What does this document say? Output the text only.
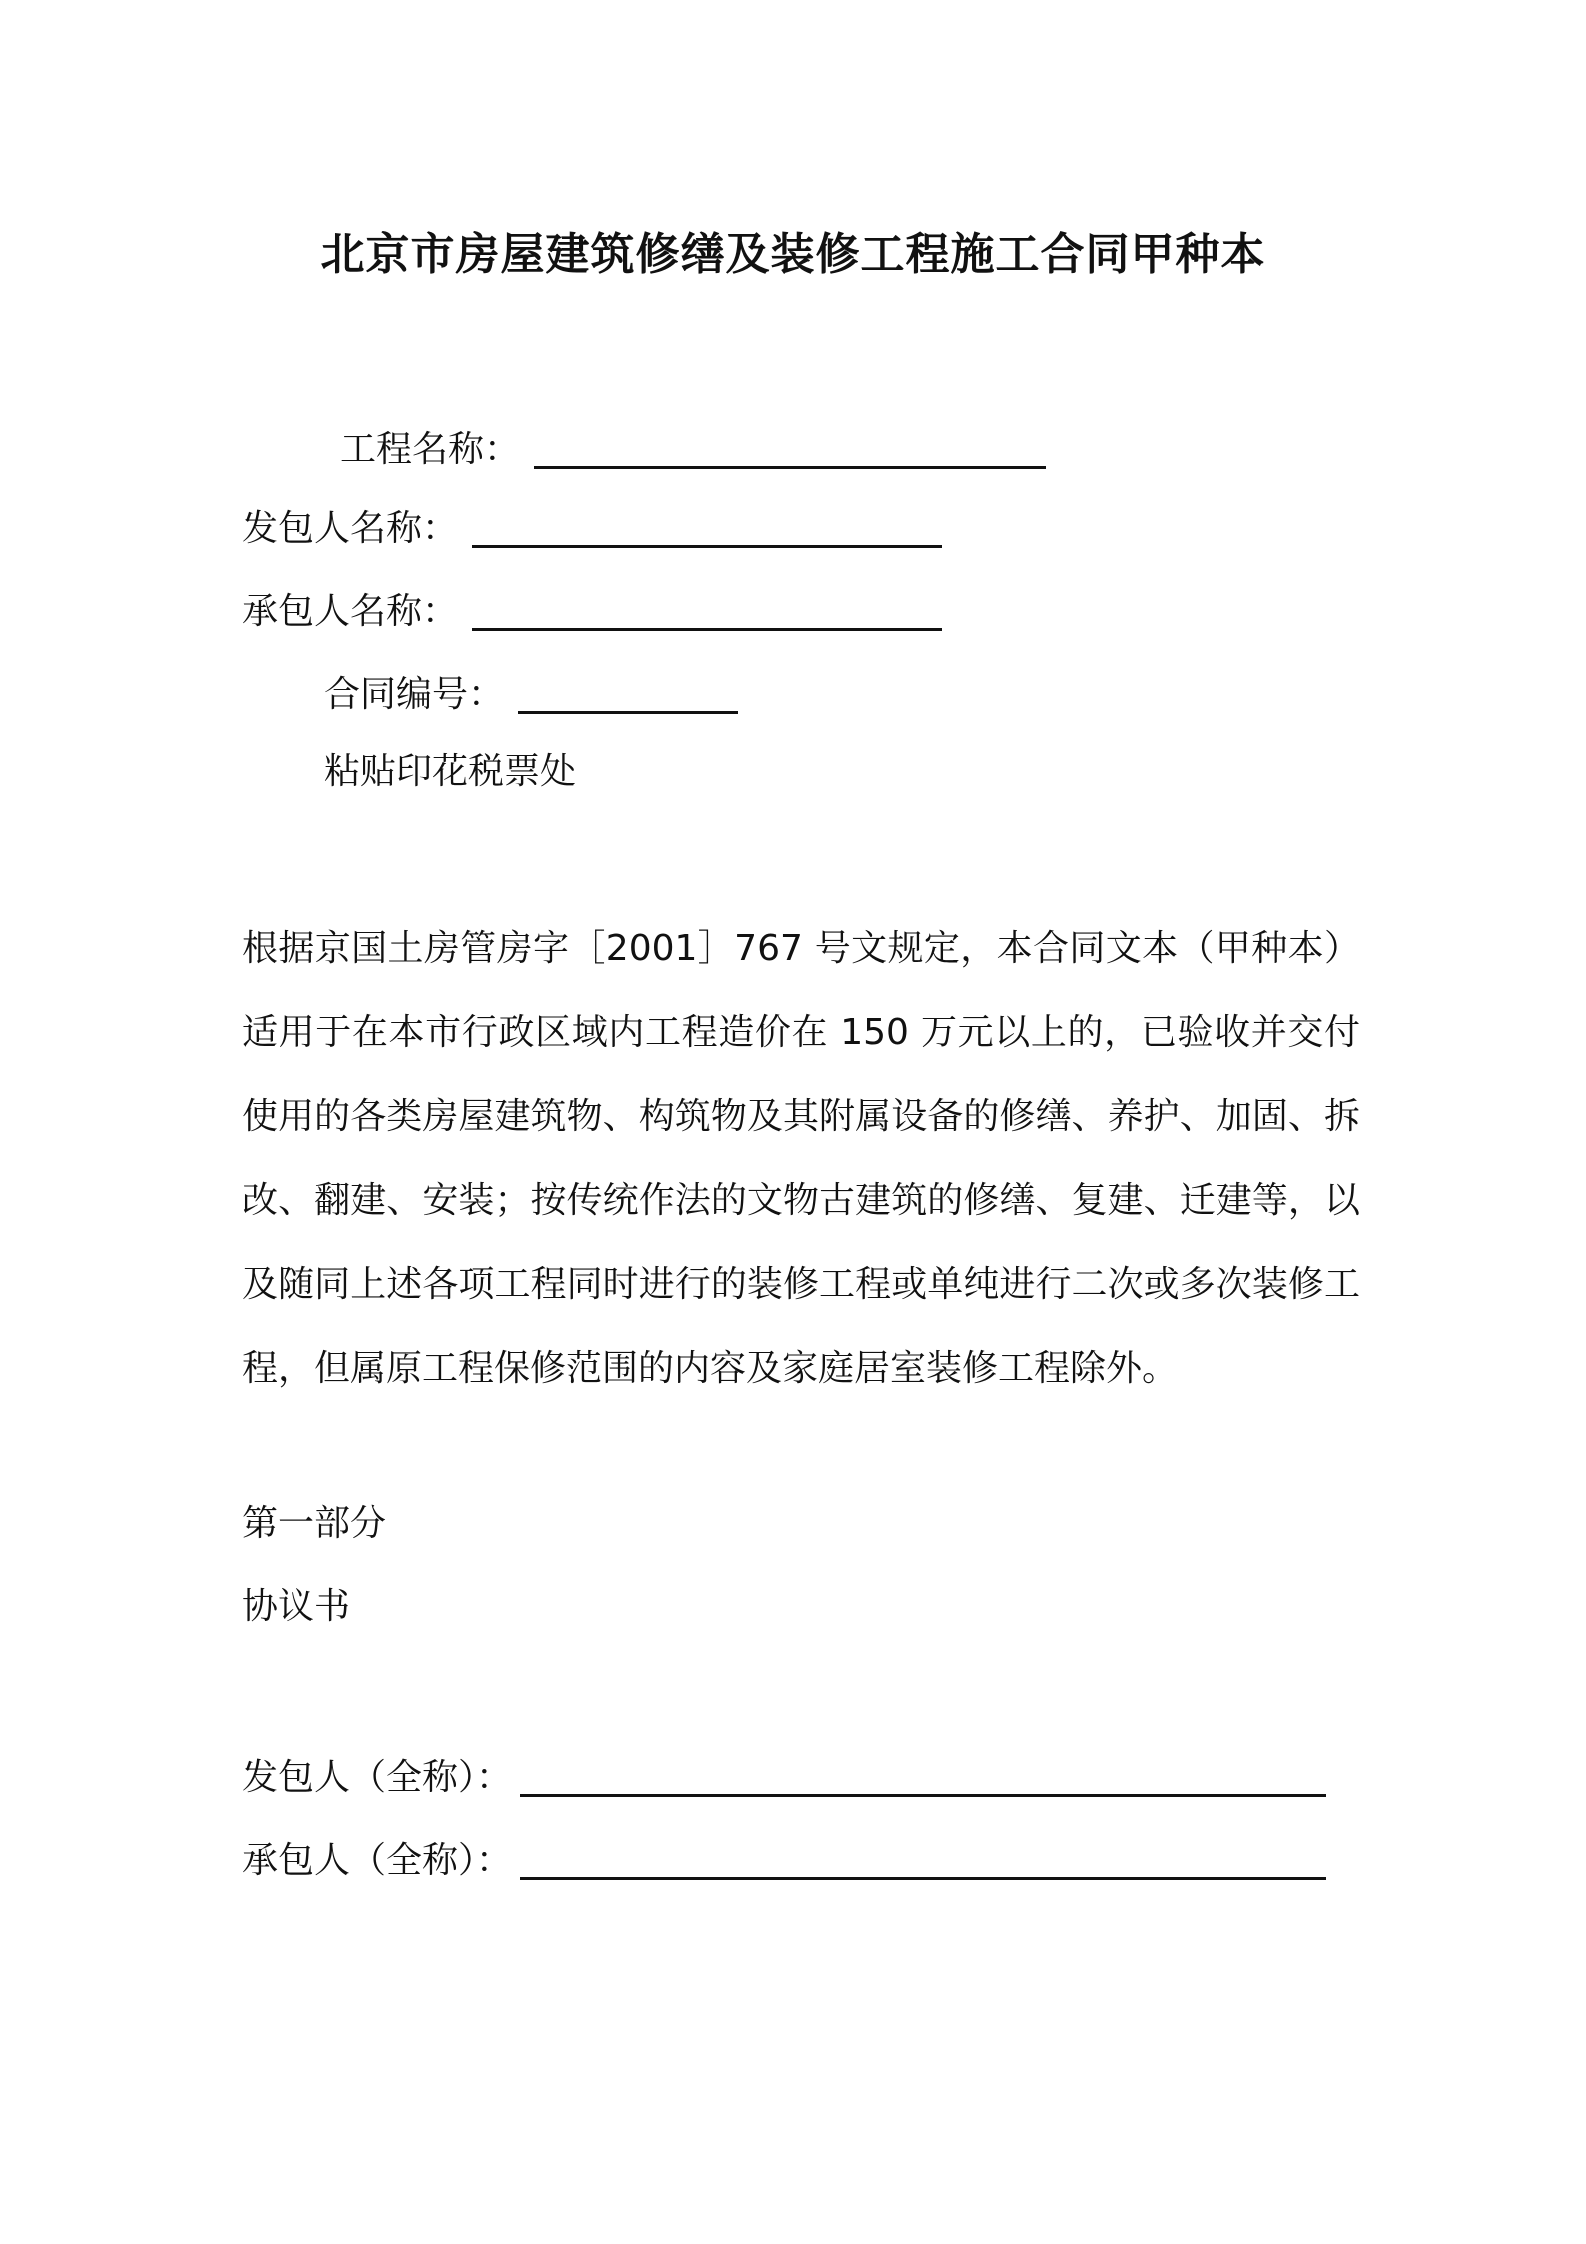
北京市房屋建筑修缮及装修工程施工合同甲种本
工程名称：
发包人名称：
承包人名称：
合同编号：
粘贴印花税票处
根据京国土房管房字［2001］767 号文规定，本合同文本（甲种本）适用于在本市行政区域内工程造价在 150 万元以上的，已验收并交付使用的各类房屋建筑物、构筑物及其附属设备的修缮、养护、加固、拆改、翻建、安装；按传统作法的文物古建筑的修缮、复建、迁建等，以及随同上述各项工程同时进行的装修工程或单纯进行二次或多次装修工程，但属原工程保修范围的内容及家庭居室装修工程除外。
第一部分
协议书
发包人（全称）：
承包人（全称）：
